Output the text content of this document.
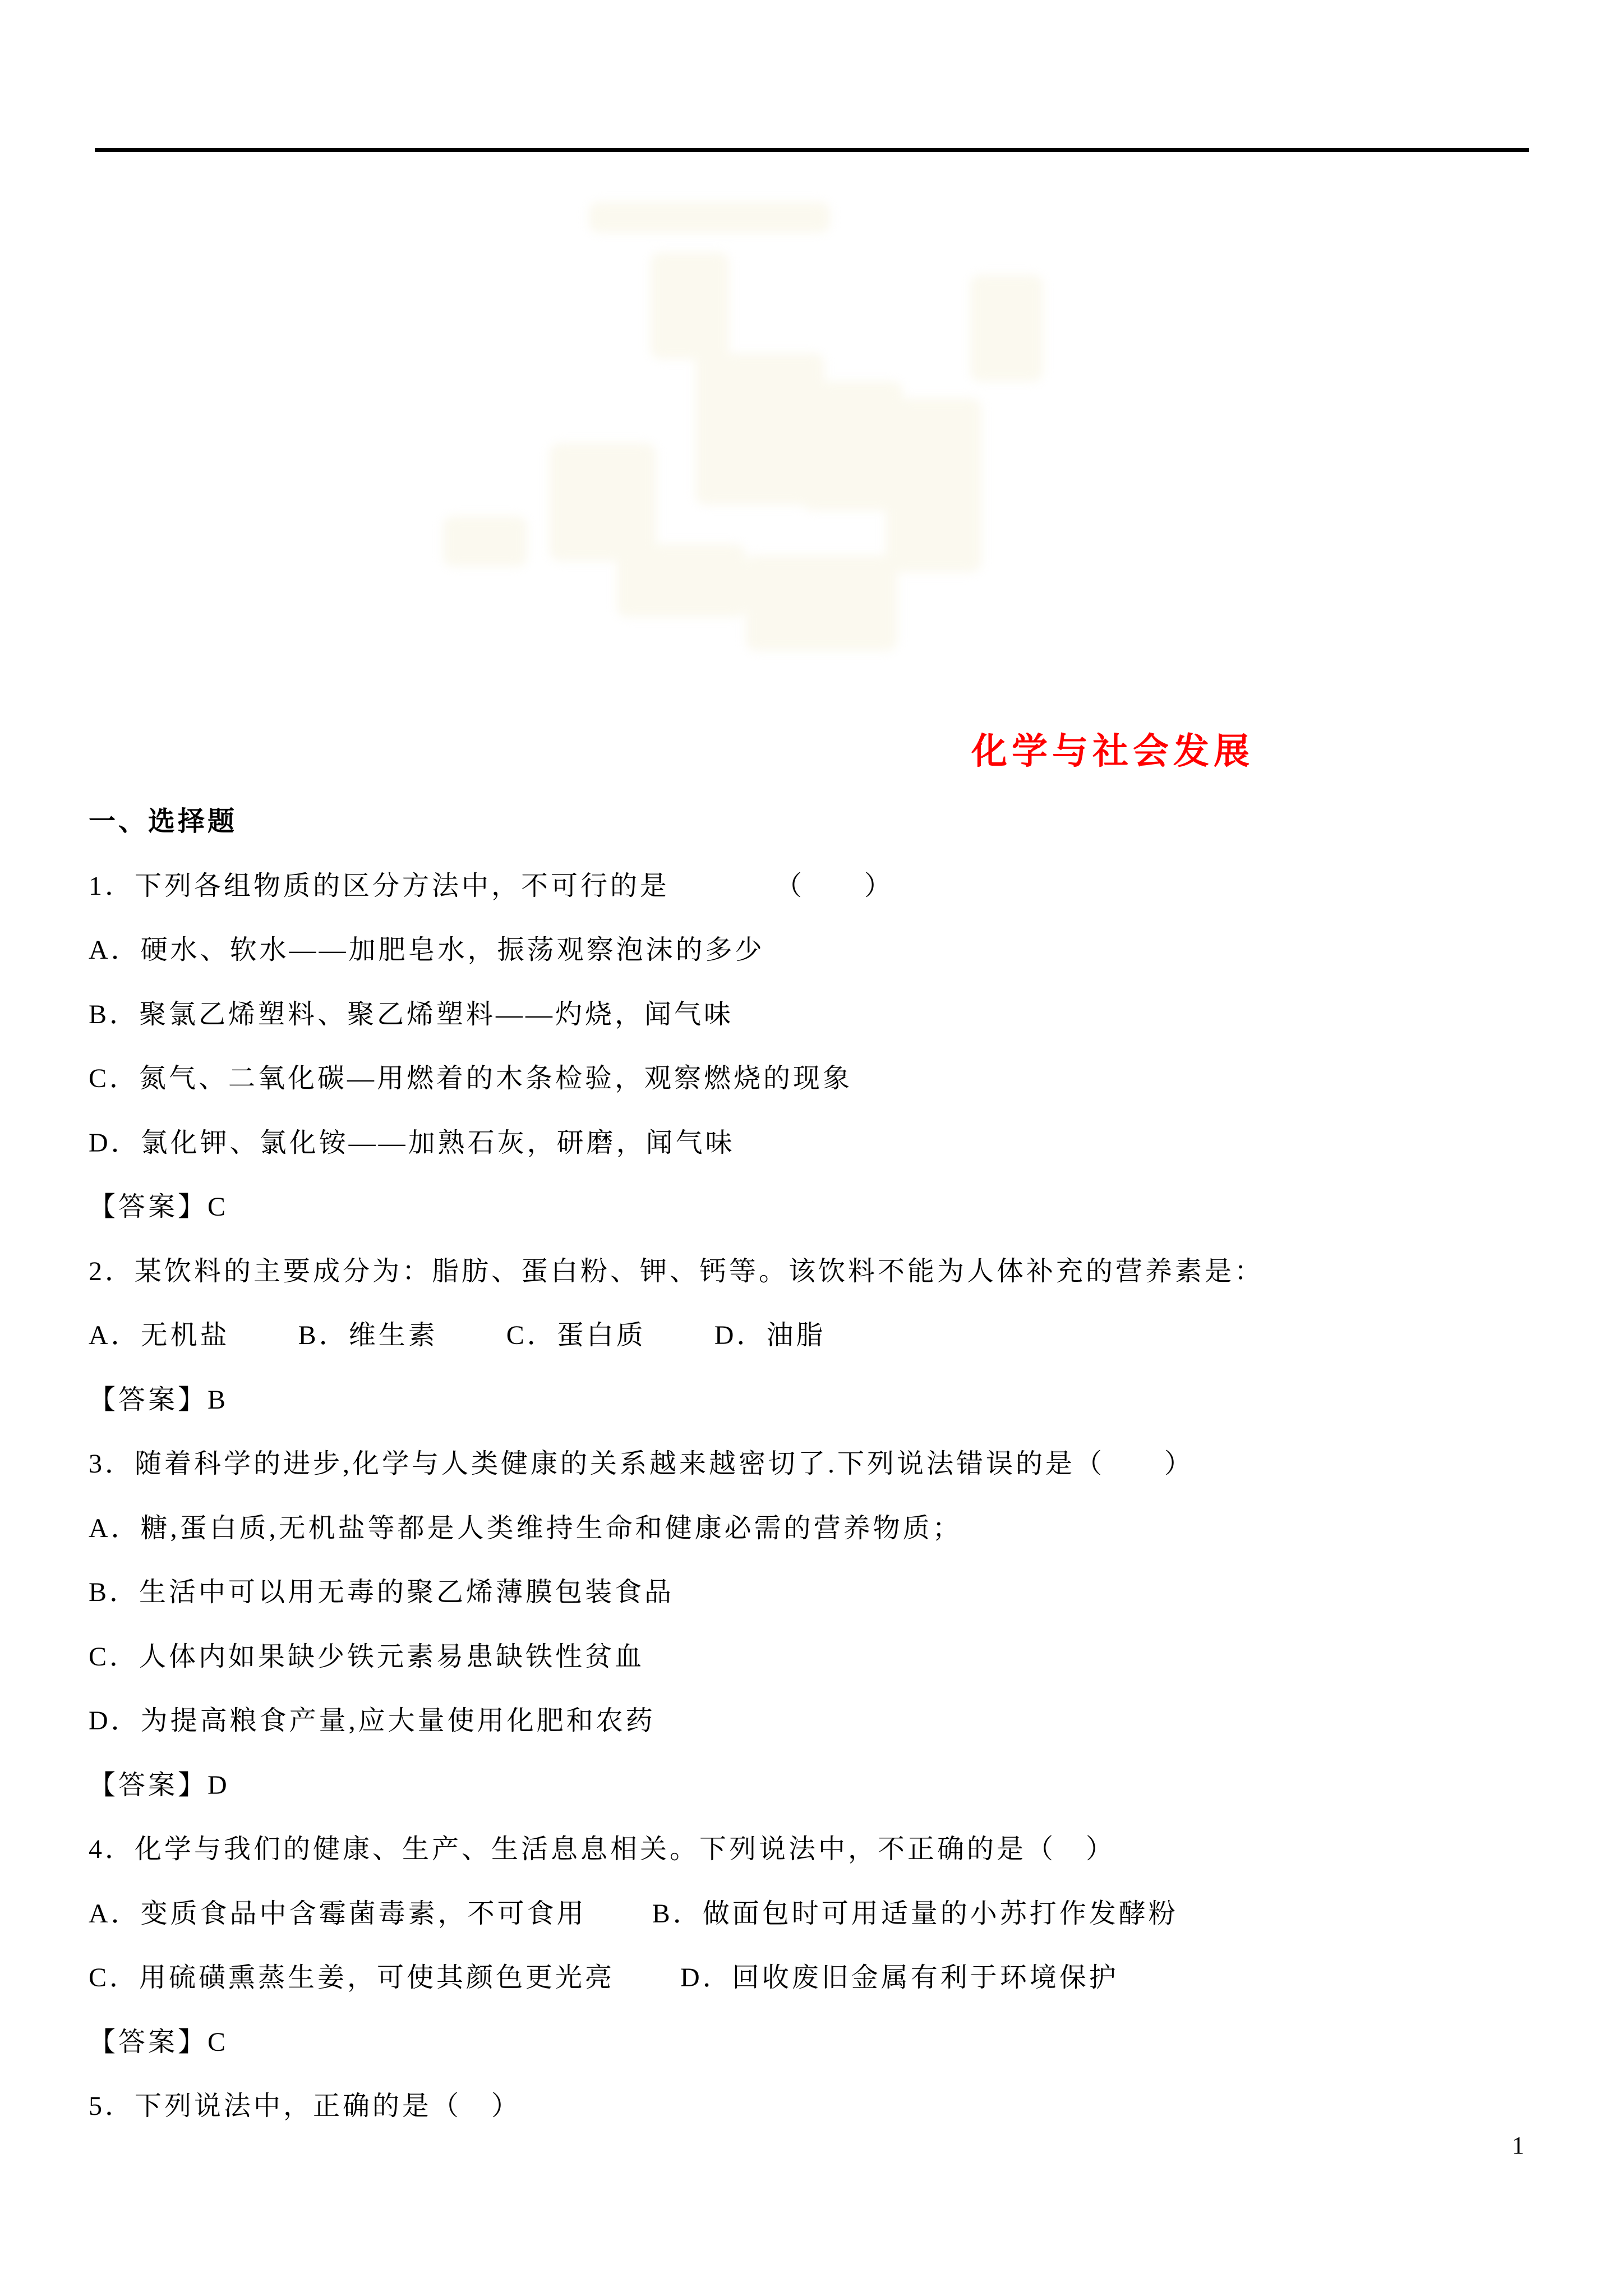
化学与社会发展

一、选择题

1．下列各组物质的区分方法中，不可行的是　　　　（　　）

A．硬水、软水——加肥皂水，振荡观察泡沫的多少

B．聚氯乙烯塑料、聚乙烯塑料——灼烧，闻气味

C．氮气、二氧化碳—用燃着的木条检验，观察燃烧的现象

D．氯化钾、氯化铵——加熟石灰，研磨，闻气味

【答案】C

2．某饮料的主要成分为：脂肪、蛋白粉、钾、钙等。该饮料不能为人体补充的营养素是：

A．无机盐	B．维生素	C．蛋白质	D．油脂

【答案】B

3．随着科学的进步,化学与人类健康的关系越来越密切了.下列说法错误的是（　　）

A．糖,蛋白质,无机盐等都是人类维持生命和健康必需的营养物质；

B．生活中可以用无毒的聚乙烯薄膜包装食品

C．人体内如果缺少铁元素易患缺铁性贫血

D．为提高粮食产量,应大量使用化肥和农药

【答案】D

4．化学与我们的健康、生产、生活息息相关。下列说法中，不正确的是（　）

A．变质食品中含霉菌毒素，不可食用 B．做面包时可用适量的小苏打作发酵粉

C．用硫磺熏蒸生姜，可使其颜色更光亮 D．回收废旧金属有利于环境保护

【答案】C

5．下列说法中，正确的是（　）

1
